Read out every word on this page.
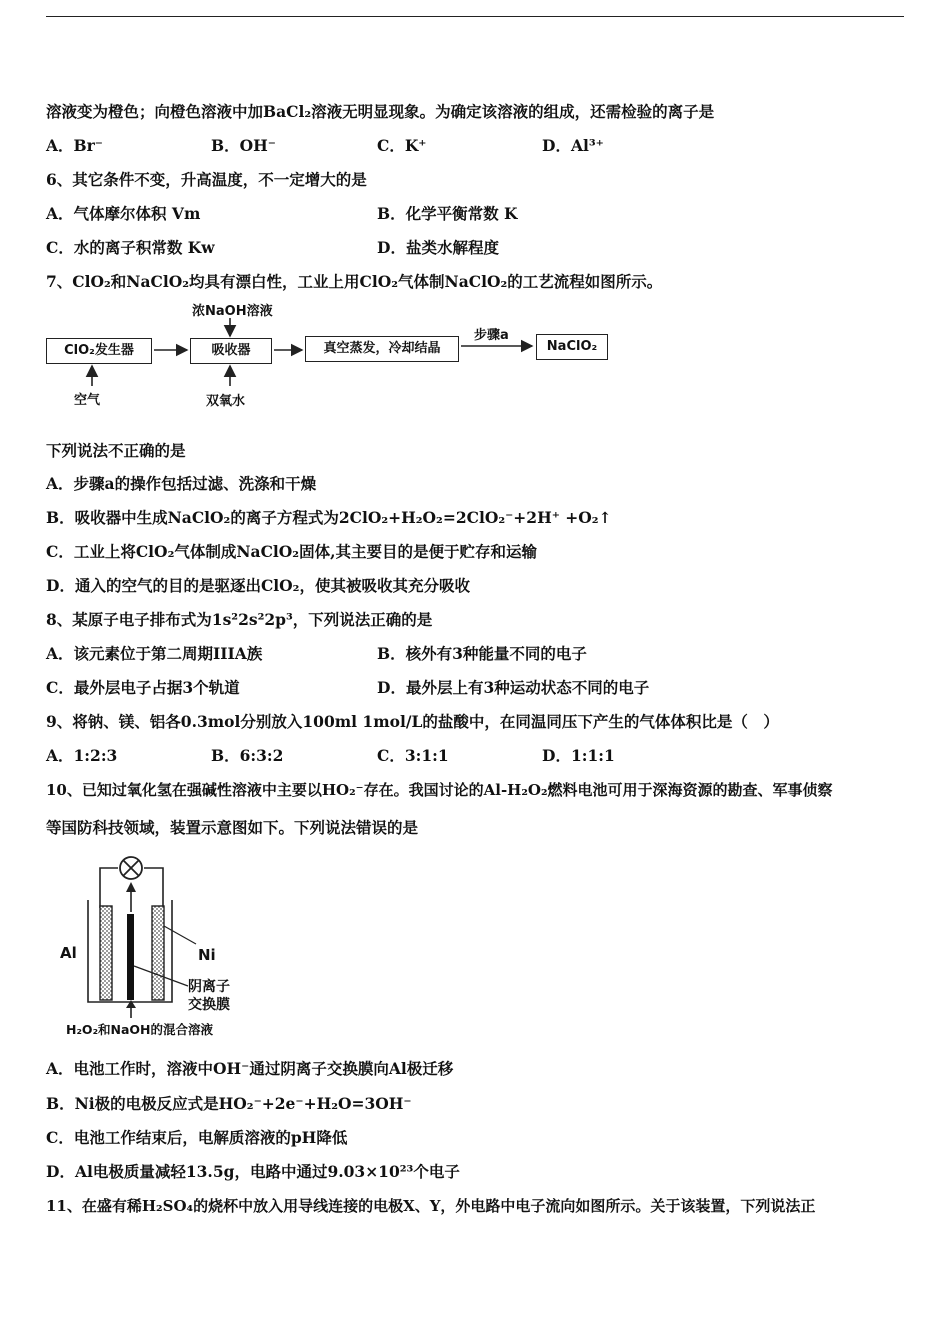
溶液变为橙色；向橙色溶液中加BaCl₂溶液无明显现象。为确定该溶液的组成，还需检验的离子是
A．Br⁻	B．OH⁻	C．K⁺	D．Al³⁺
6、其它条件不变，升高温度，不一定增大的是
A．气体摩尔体积 Vm	B．化学平衡常数 K
C．水的离子积常数 Kw	D．盐类水解程度
7、ClO₂和NaClO₂均具有漂白性，工业上用ClO₂气体制NaClO₂的工艺流程如图所示。
ClO₂发生器	吸收器	真空蒸发，冷却结晶	NaClO₂
浓NaOH溶液
空气	双氧水
步骤a
下列说法不正确的是
A．步骤a的操作包括过滤、洗涤和干燥
B．吸收器中生成NaClO₂的离子方程式为2ClO₂+H₂O₂=2ClO₂⁻+2H⁺ +O₂↑
C．工业上将ClO₂气体制成NaClO₂固体,其主要目的是便于贮存和运输
D．通入的空气的目的是驱逐出ClO₂，使其被吸收其充分吸收
8、某原子电子排布式为1s²2s²2p³，下列说法正确的是
A．该元素位于第二周期IIIA族	B．核外有3种能量不同的电子
C．最外层电子占据3个轨道	D．最外层上有3种运动状态不同的电子
9、将钠、镁、铝各0.3mol分别放入100ml 1mol/L的盐酸中，在同温同压下产生的气体体积比是（　）
A．1:2:3	B．6:3:2	C．3:1:1	D．1:1:1
10、已知过氧化氢在强碱性溶液中主要以HO₂⁻存在。我国讨论的Al-H₂O₂燃料电池可用于深海资源的勘查、军事侦察
等国防科技领域，装置示意图如下。下列说法错误的是
Al	Ni
阴离子
交换膜
H₂O₂和NaOH的混合溶液
A．电池工作时，溶液中OH⁻通过阴离子交换膜向Al极迁移
B．Ni极的电极反应式是HO₂⁻+2e⁻+H₂O=3OH⁻
C．电池工作结束后，电解质溶液的pH降低
D．Al电极质量减轻13.5g，电路中通过9.03×10²³个电子
11、在盛有稀H₂SO₄的烧杯中放入用导线连接的电极X、Y，外电路中电子流向如图所示。关于该装置，下列说法正
